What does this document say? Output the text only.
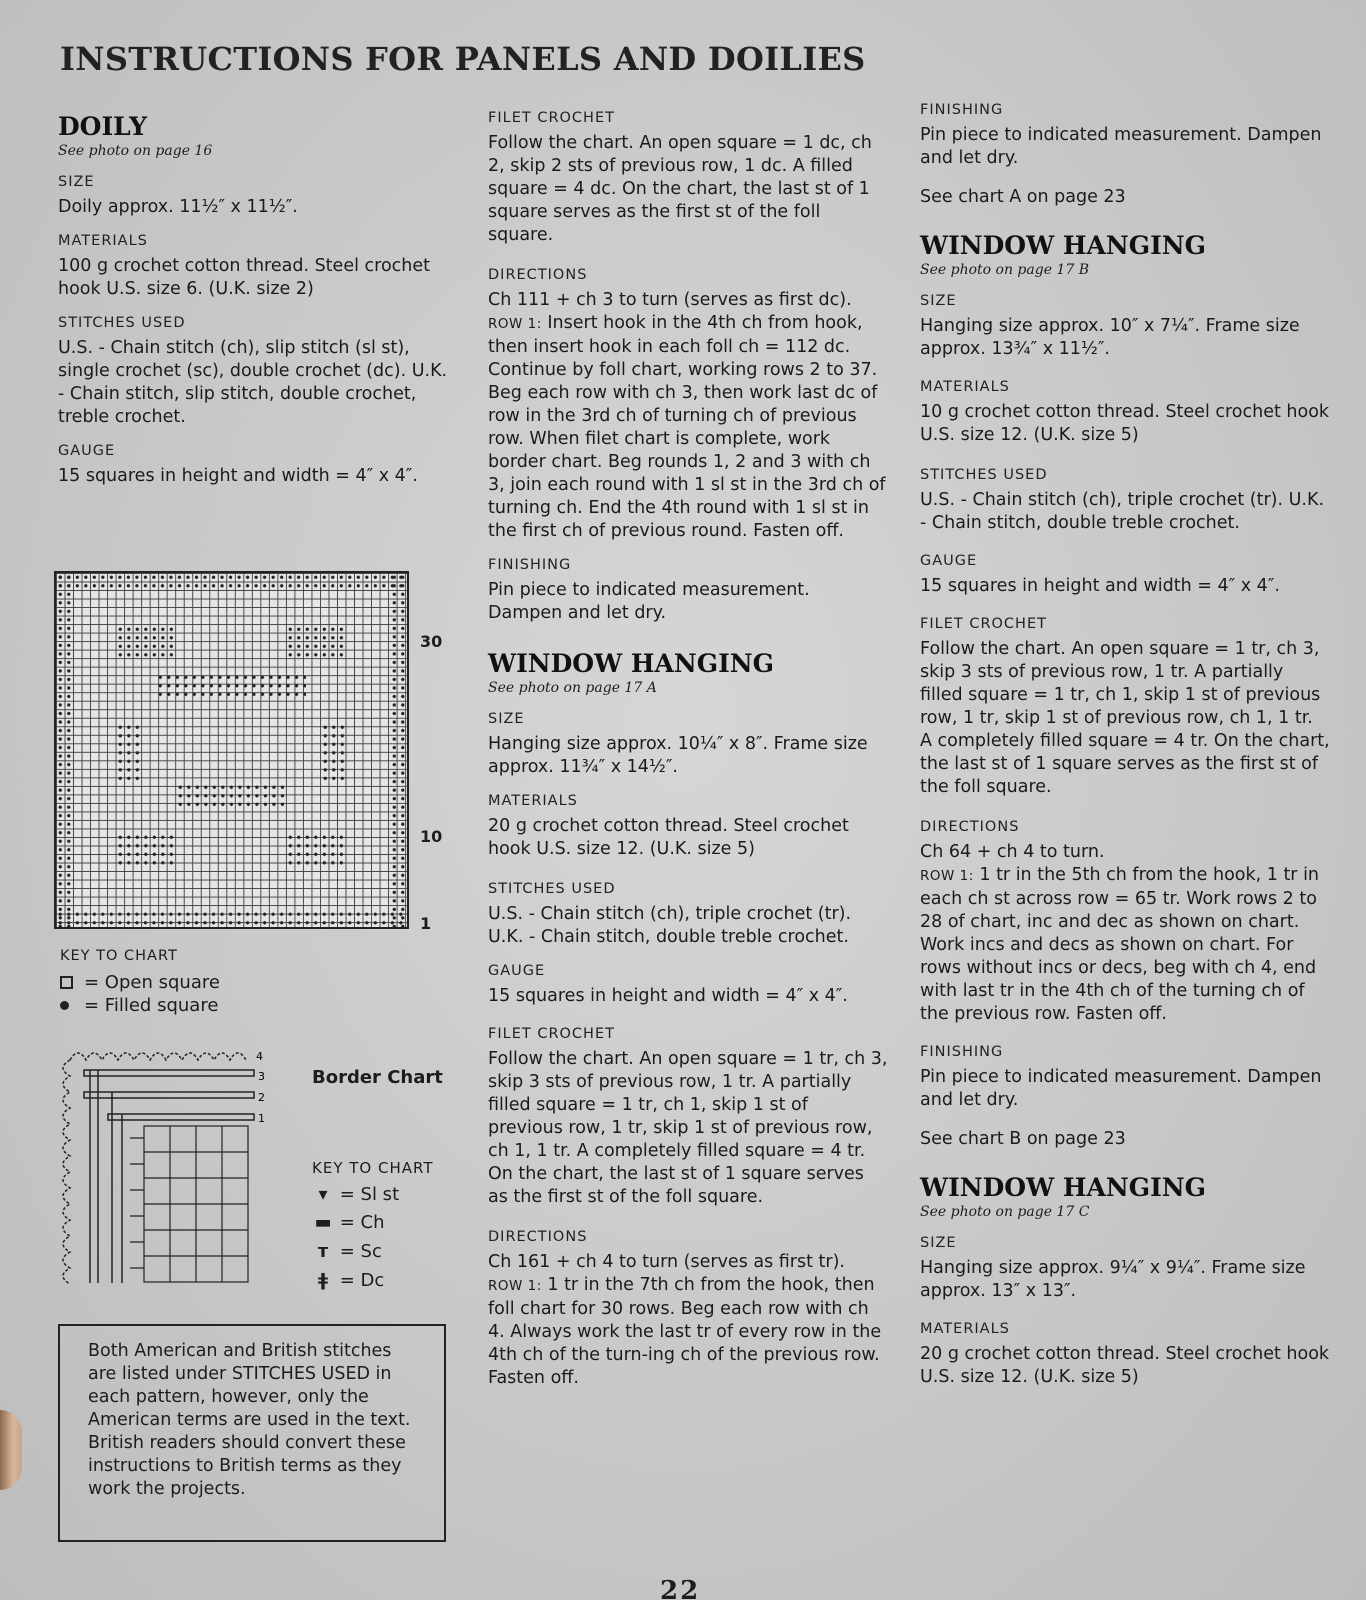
INSTRUCTIONS FOR PANELS AND DOILIES
DOILY
See photo on page 16
SIZE
Doily approx. 11½″ x 11½″.
MATERIALS
100 g crochet cotton thread. Steel crochet hook U.S. size 6. (U.K. size 2)
STITCHES USED
U.S. - Chain stitch (ch), slip stitch (sl st), single crochet (sc), double crochet (dc). U.K. - Chain stitch, slip stitch, double crochet, treble crochet.
GAUGE
15 squares in height and width = 4″ x 4″.
30
10
1
KEY TO CHART
= Open square
= Filled square
4
3
2
1
Border Chart
KEY TO CHART
▾ = Sl st
▬ = Ch
ᴛ = Sc
ǂ = Dc
Both American and British stitches are listed under STITCHES USED in each pattern, however, only the American terms are used in the text. British readers should convert these instructions to British terms as they work the projects.
FILET CROCHET
Follow the chart. An open square = 1 dc, ch 2, skip 2 sts of previous row, 1 dc. A filled square = 4 dc. On the chart, the last st of 1 square serves as the first st of the foll square.
DIRECTIONS
Ch 111 + ch 3 to turn (serves as first dc).
ROW 1: Insert hook in the 4th ch from hook, then insert hook in each foll ch = 112 dc. Continue by foll chart, working rows 2 to 37. Beg each row with ch 3, then work last dc of row in the 3rd ch of turning ch of previous row. When filet chart is complete, work border chart. Beg rounds 1, 2 and 3 with ch 3, join each round with 1 sl st in the 3rd ch of turning ch. End the 4th round with 1 sl st in the first ch of previous round. Fasten off.
FINISHING
Pin piece to indicated measurement. Dampen and let dry.
WINDOW HANGING
See photo on page 17 A
SIZE
Hanging size approx. 10¼″ x 8″. Frame size approx. 11¾″ x 14½″.
MATERIALS
20 g crochet cotton thread. Steel crochet hook U.S. size 12. (U.K. size 5)
STITCHES USED
U.S. - Chain stitch (ch), triple crochet (tr). U.K. - Chain stitch, double treble crochet.
GAUGE
15 squares in height and width = 4″ x 4″.
FILET CROCHET
Follow the chart. An open square = 1 tr, ch 3, skip 3 sts of previous row, 1 tr. A partially filled square = 1 tr, ch 1, skip 1 st of previous row, 1 tr, skip 1 st of previous row, ch 1, 1 tr. A completely filled square = 4 tr. On the chart, the last st of 1 square serves as the first st of the foll square.
DIRECTIONS
Ch 161 + ch 4 to turn (serves as first tr).
ROW 1: 1 tr in the 7th ch from the hook, then foll chart for 30 rows. Beg each row with ch 4. Always work the last tr of every row in the 4th ch of the turn-ing ch of the previous row. Fasten off.
FINISHING
Pin piece to indicated measurement. Dampen and let dry.
See chart A on page 23
WINDOW HANGING
See photo on page 17 B
SIZE
Hanging size approx. 10″ x 7¼″. Frame size approx. 13¾″ x 11½″.
MATERIALS
10 g crochet cotton thread. Steel crochet hook U.S. size 12. (U.K. size 5)
STITCHES USED
U.S. - Chain stitch (ch), triple crochet (tr). U.K. - Chain stitch, double treble crochet.
GAUGE
15 squares in height and width = 4″ x 4″.
FILET CROCHET
Follow the chart. An open square = 1 tr, ch 3, skip 3 sts of previous row, 1 tr. A partially filled square = 1 tr, ch 1, skip 1 st of previous row, 1 tr, skip 1 st of previous row, ch 1, 1 tr. A completely filled square = 4 tr. On the chart, the last st of 1 square serves as the first st of the foll square.
DIRECTIONS
Ch 64 + ch 4 to turn.
ROW 1: 1 tr in the 5th ch from the hook, 1 tr in each ch st across row = 65 tr. Work rows 2 to 28 of chart, inc and dec as shown on chart. Work incs and decs as shown on chart. For rows without incs or decs, beg with ch 4, end with last tr in the 4th ch of the turning ch of the previous row. Fasten off.
FINISHING
Pin piece to indicated measurement. Dampen and let dry.
See chart B on page 23
WINDOW HANGING
See photo on page 17 C
SIZE
Hanging size approx. 9¼″ x 9¼″. Frame size approx. 13″ x 13″.
MATERIALS
20 g crochet cotton thread. Steel crochet hook U.S. size 12. (U.K. size 5)
22
